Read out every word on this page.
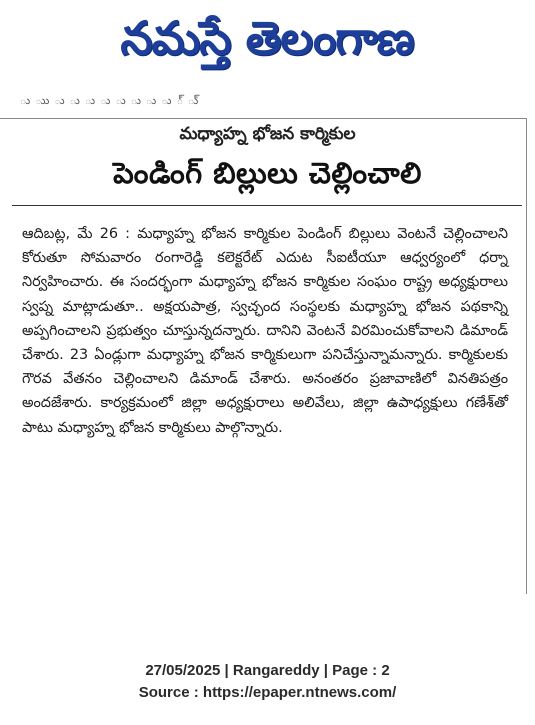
నమస్తే తెలంగాణ
ు ుు ు ు ు ు ు ు ు ు ్ ు్
మధ్యాహ్న భోజన కార్మికుల
పెండింగ్ బిల్లులు చెల్లించాలి
ఆదిబట్ల, మే 26 : మధ్యాహ్న భోజన కార్మికుల పెండింగ్ బిల్లులు వెంటనే చెల్లించాలని కోరుతూ సోమవారం రంగారెడ్డి కలెక్టరేట్ ఎదుట సీఐటీయూ ఆధ్వర్యంలో ధర్నా నిర్వహించారు. ఈ సందర్భంగా మధ్యాహ్న భోజన కార్మికుల సంఘం రాష్ట్ర అధ్యక్షురాలు స్వప్న మాట్లాడుతూ.. అక్షయపాత్ర, స్వచ్ఛంద సంస్థలకు మధ్యాహ్న భోజన పథకాన్ని అప్పగించాలని ప్రభుత్వం చూస్తున్నదన్నారు. దానిని వెంటనే విరమించుకోవాలని డిమాండ్ చేశారు. 23 ఏండ్లుగా మధ్యాహ్న భోజన కార్మికులుగా పనిచేస్తున్నామన్నారు. కార్మికులకు గౌరవ వేతనం చెల్లించాలని డిమాండ్ చేశారు. అనంతరం ప్రజావాణిలో వినతిపత్రం అందజేశారు. కార్యక్రమంలో జిల్లా అధ్యక్షురాలు అలివేలు, జిల్లా ఉపాధ్యక్షులు గణేశ్‌తో పాటు మధ్యాహ్న భోజన కార్మికులు పాల్గొన్నారు.
27/05/2025 | Rangareddy | Page : 2
Source : https://epaper.ntnews.com/
